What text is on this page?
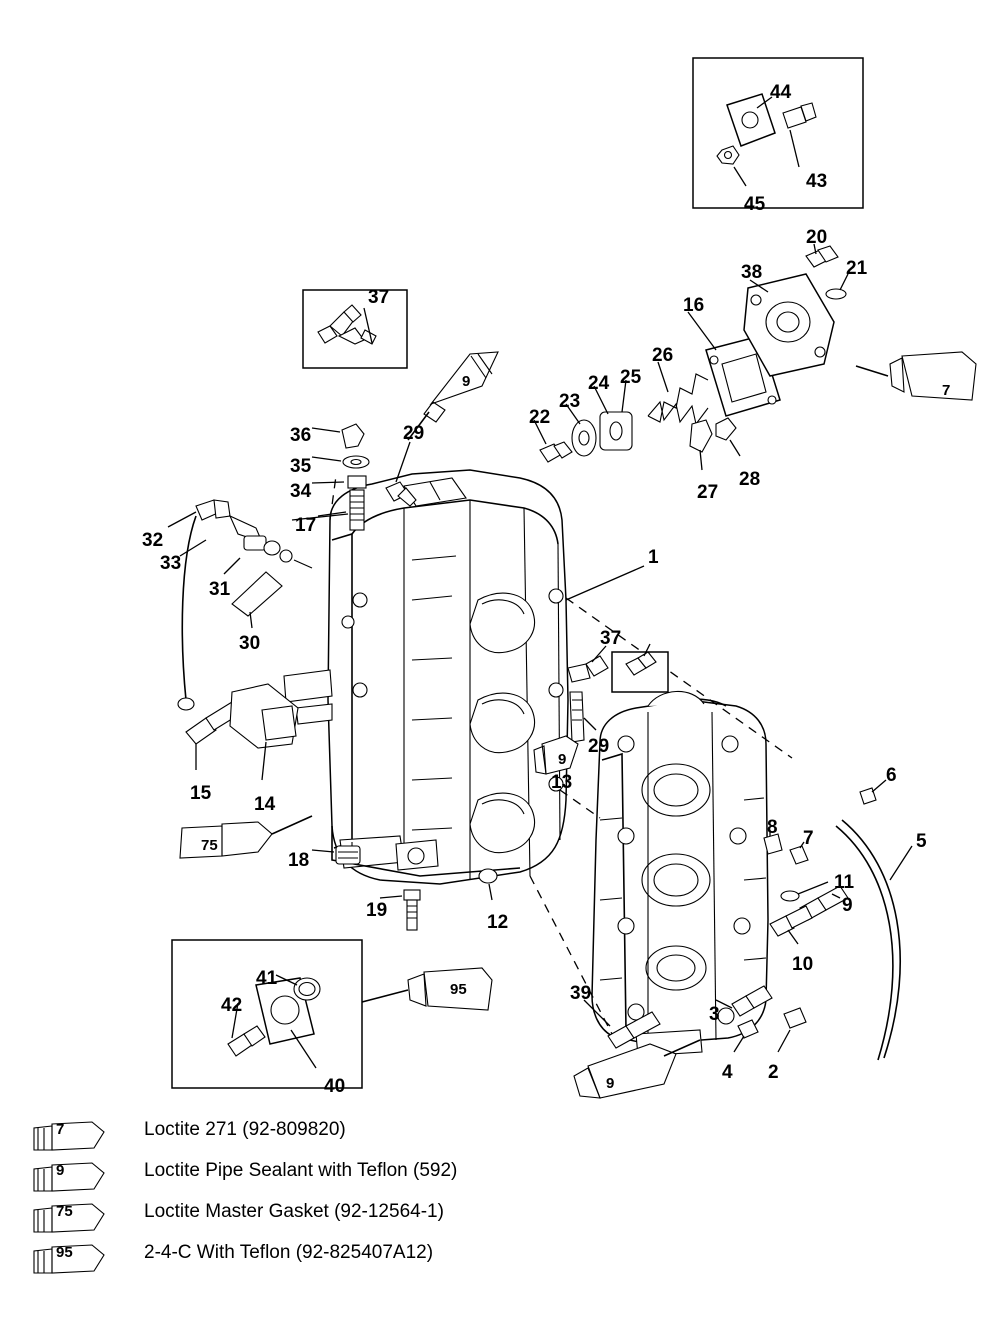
1
2
3
4
5
6
7
8
9
10
11
12
13
14
15
16
17
18
19
20
21
22
23
24 25
26
27
28
29
29
30
31
32
33
34
35
36
37
37
38
39
40
41
42
43
44
45
9
7
75
9
95
9
7	Loctite 271 (92-809820)
9	Loctite Pipe Sealant with Teflon (592)
75	Loctite Master Gasket (92-12564-1)
95	2-4-C With Teflon (92-825407A12)
